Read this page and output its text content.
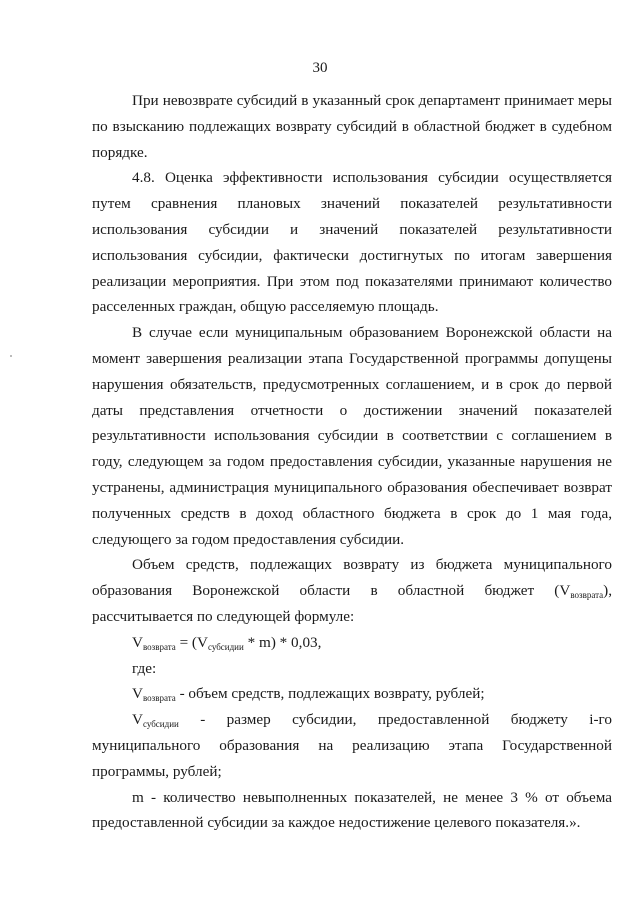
30

При невозврате субсидий в указанный срок департамент принимает меры по взысканию подлежащих возврату субсидий в областной бюджет в судебном порядке.

4.8. Оценка эффективности использования субсидии осуществляется путем сравнения плановых значений показателей результативности использования субсидии и значений показателей результативности использования субсидии, фактически достигнутых по итогам завершения реализации мероприятия. При этом под показателями принимают количество расселенных граждан, общую расселяемую площадь.

В случае если муниципальным образованием Воронежской области на момент завершения реализации этапа Государственной программы допущены нарушения обязательств, предусмотренных соглашением, и в срок до первой даты представления отчетности о достижении значений показателей результативности использования субсидии в соответствии с соглашением в году, следующем за годом предоставления субсидии, указанные нарушения не устранены, администрация муниципального образования обеспечивает возврат полученных средств в доход областного бюджета в срок до 1 мая года, следующего за годом предоставления субсидии.

Объем средств, подлежащих возврату из бюджета муниципального образования Воронежской области в областной бюджет $(V_{возврата})$, рассчитывается по следующей формуле:

$V_{возврата} = (V_{субсидии} * m) * 0,03$,

где:

$V_{возврата}$ - объем средств, подлежащих возврату, рублей;

$V_{субсидии}$ - размер субсидии, предоставленной бюджету i-го муниципального образования на реализацию этапа Государственной программы, рублей;

m - количество невыполненных показателей, не менее 3 % от объема предоставленной субсидии за каждое недостижение целевого показателя.».
